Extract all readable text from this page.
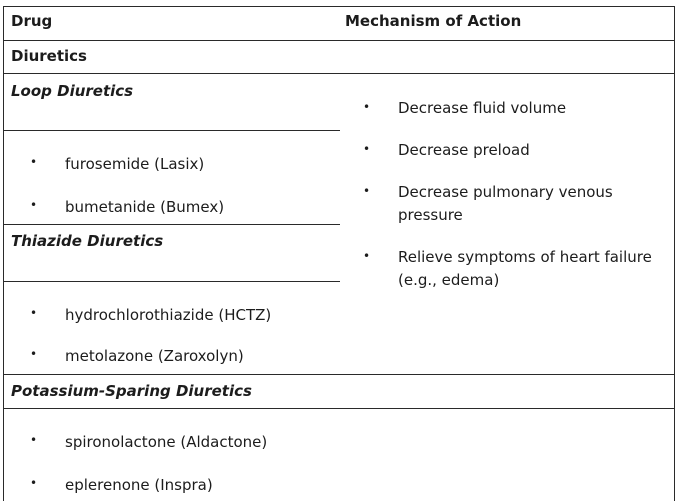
Drug	Mechanism of Action
Diuretics
Loop Diuretics
• furosemide (Lasix)
• bumetanide (Bumex)
Thiazide Diuretics
• hydrochlorothiazide (HCTZ)
• metolazone (Zaroxolyn)
Potassium-Sparing Diuretics
• spironolactone (Aldactone)
• eplerenone (Inspra)
• Decrease fluid volume
• Decrease preload
• Decrease pulmonary venous pressure
• Relieve symptoms of heart failure (e.g., edema)
